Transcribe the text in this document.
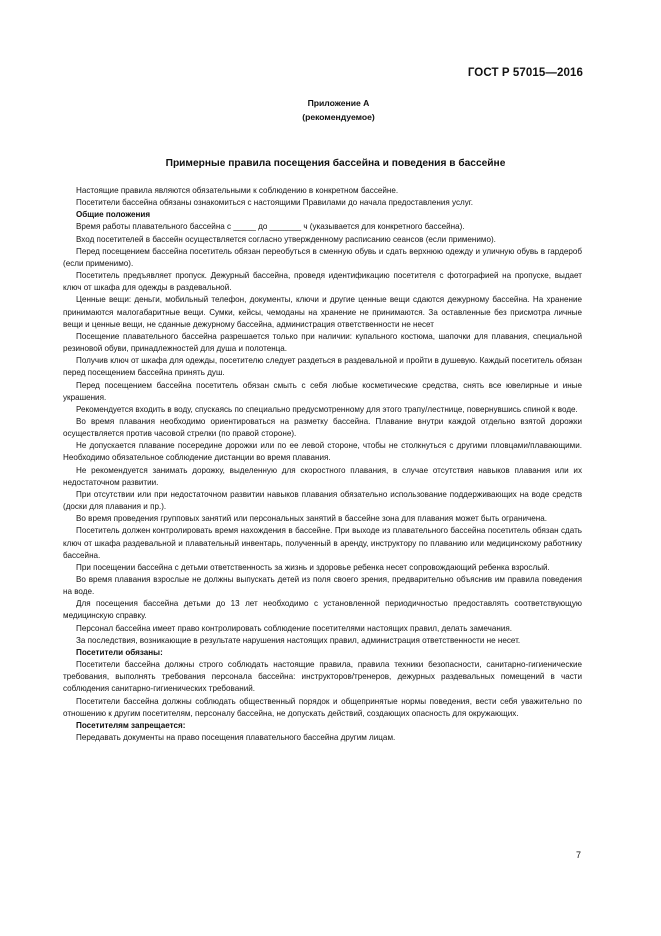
ГОСТ Р 57015—2016
Приложение А
(рекомендуемое)
Примерные правила посещения бассейна и поведения в бассейне

Настоящие правила являются обязательными к соблюдению в конкретном бассейне.

Посетители бассейна обязаны ознакомиться с настоящими Правилами до начала предоставления услуг.

Общие положения

Время работы плавательного бассейна с _____ до _______ ч (указывается для конкретного бассейна).

Вход посетителей в бассейн осуществляется согласно утвержденному расписанию сеансов (если применимо).

Перед посещением бассейна посетитель обязан переобуться в сменную обувь и сдать верхнюю одежду и уличную обувь в гардероб (если применимо).

Посетитель предъявляет пропуск. Дежурный бассейна, проведя идентификацию посетителя с фотографией на пропуске, выдает ключ от шкафа для одежды в раздевальной.

Ценные вещи: деньги, мобильный телефон, документы, ключи и другие ценные вещи сдаются дежурному бассейна. На хранение принимаются малогабаритные вещи. Сумки, кейсы, чемоданы на хранение не принимаются. За оставленные без присмотра личные вещи и ценные вещи, не сданные дежурному бассейна, администрация ответственности не несет

Посещение плавательного бассейна разрешается только при наличии: купального костюма, шапочки для плавания, специальной резиновой обуви, принадлежностей для душа и полотенца.

Получив ключ от шкафа для одежды, посетителю следует раздеться в раздевальной и пройти в душевую. Каждый посетитель обязан перед посещением бассейна принять душ.

Перед посещением бассейна посетитель обязан смыть с себя любые косметические средства, снять все ювелирные и иные украшения.

Рекомендуется входить в воду, спускаясь по специально предусмотренному для этого трапу/лестнице, повернувшись спиной к воде.

Во время плавания необходимо ориентироваться на разметку бассейна. Плавание внутри каждой отдельно взятой дорожки осуществляется против часовой стрелки (по правой стороне).

Не допускается плавание посередине дорожки или по ее левой стороне, чтобы не столкнуться с другими пловцами/плавающими. Необходимо обязательное соблюдение дистанции во время плавания.

Не рекомендуется занимать дорожку, выделенную для скоростного плавания, в случае отсутствия навыков плавания или их недостаточном развитии.

При отсутствии или при недостаточном развитии навыков плавания обязательно использование поддерживающих на воде средств (доски для плавания и пр.).

Во время проведения групповых занятий или персональных занятий в бассейне зона для плавания может быть ограничена.

Посетитель должен контролировать время нахождения в бассейне. При выходе из плавательного бассейна посетитель обязан сдать ключ от шкафа раздевальной и плавательный инвентарь, полученный в аренду, инструктору по плаванию или медицинскому работнику бассейна.

При посещении бассейна с детьми ответственность за жизнь и здоровье ребенка несет сопровождающий ребенка взрослый.

Во время плавания взрослые не должны выпускать детей из поля своего зрения, предварительно объяснив им правила поведения на воде.

Для посещения бассейна детьми до 13 лет необходимо с установленной периодичностью предоставлять соответствующую медицинскую справку.

Персонал бассейна имеет право контролировать соблюдение посетителями настоящих правил, делать замечания.

За последствия, возникающие в результате нарушения настоящих правил, администрация ответственности не несет.

Посетители обязаны:

Посетители бассейна должны строго соблюдать настоящие правила, правила техники безопасности, санитарно-гигиенические требования, выполнять требования персонала бассейна: инструкторов/тренеров, дежурных раздевальных помещений в части соблюдения санитарно-гигиенических требований.

Посетители бассейна должны соблюдать общественный порядок и общепринятые нормы поведения, вести себя уважительно по отношению к другим посетителям, персоналу бассейна, не допускать действий, создающих опасность для окружающих.

Посетителям запрещается:

Передавать документы на право посещения плавательного бассейна другим лицам.

7
